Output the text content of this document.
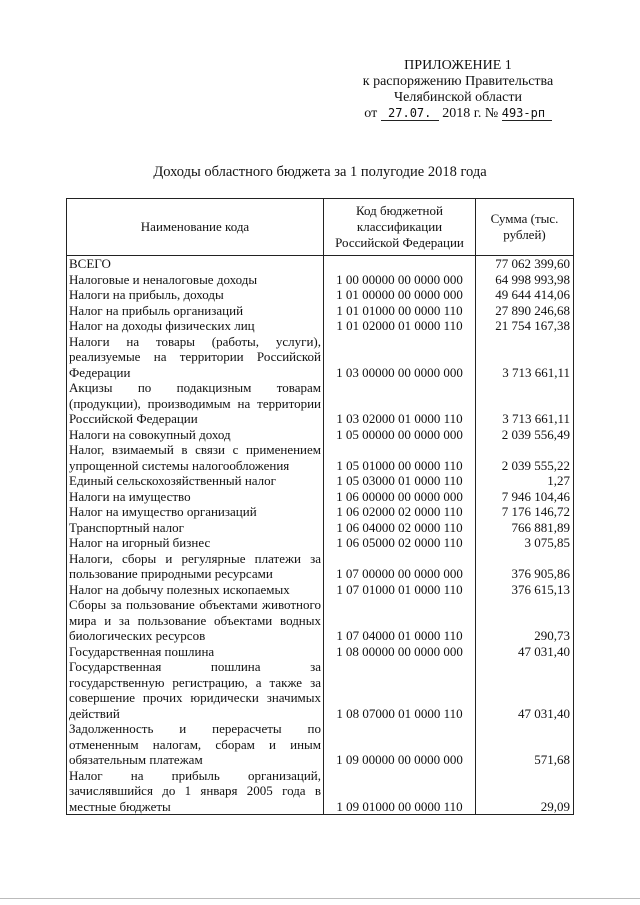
ПРИЛОЖЕНИЕ 1
к распоряжению Правительства
Челябинской области
от 27.07. 2018 г. № 493-рп
Доходы областного бюджета за 1 полугодие 2018 года
Наименование кода	Код бюджетной классификации Российской Федерации	Сумма (тыс. рублей)
ВСЕГО		77 062 399,60
Налоговые и неналоговые доходы	1 00 00000 00 0000 000	64 998 993,98
Налоги на прибыль, доходы	1 01 00000 00 0000 000	49 644 414,06
Налог на прибыль организаций	1 01 01000 00 0000 110	27 890 246,68
Налог на доходы физических лиц	1 01 02000 01 0000 110	21 754 167,38
Налоги на товары (работы, услуги), реализуемые на территории Российской Федерации	1 03 00000 00 0000 000	3 713 661,11
Акцизы по подакцизным товарам (продукции), производимым на территории Российской Федерации	1 03 02000 01 0000 110	3 713 661,11
Налоги на совокупный доход	1 05 00000 00 0000 000	2 039 556,49
Налог, взимаемый в связи с применением упрощенной системы налогообложения	1 05 01000 00 0000 110	2 039 555,22
Единый сельскохозяйственный налог	1 05 03000 01 0000 110	1,27
Налоги на имущество	1 06 00000 00 0000 000	7 946 104,46
Налог на имущество организаций	1 06 02000 02 0000 110	7 176 146,72
Транспортный налог	1 06 04000 02 0000 110	766 881,89
Налог на игорный бизнес	1 06 05000 02 0000 110	3 075,85
Налоги, сборы и регулярные платежи за пользование природными ресурсами	1 07 00000 00 0000 000	376 905,86
Налог на добычу полезных ископаемых	1 07 01000 01 0000 110	376 615,13
Сборы за пользование объектами животного мира и за пользование объектами водных биологических ресурсов	1 07 04000 01 0000 110	290,73
Государственная пошлина	1 08 00000 00 0000 000	47 031,40
Государственная пошлина за государственную регистрацию, а также за совершение прочих юридически значимых действий	1 08 07000 01 0000 110	47 031,40
Задолженность и перерасчеты по отмененным налогам, сборам и иным обязательным платежам	1 09 00000 00 0000 000	571,68
Налог на прибыль организаций, зачислявшийся до 1 января 2005 года в местные бюджеты	1 09 01000 00 0000 110	29,09
